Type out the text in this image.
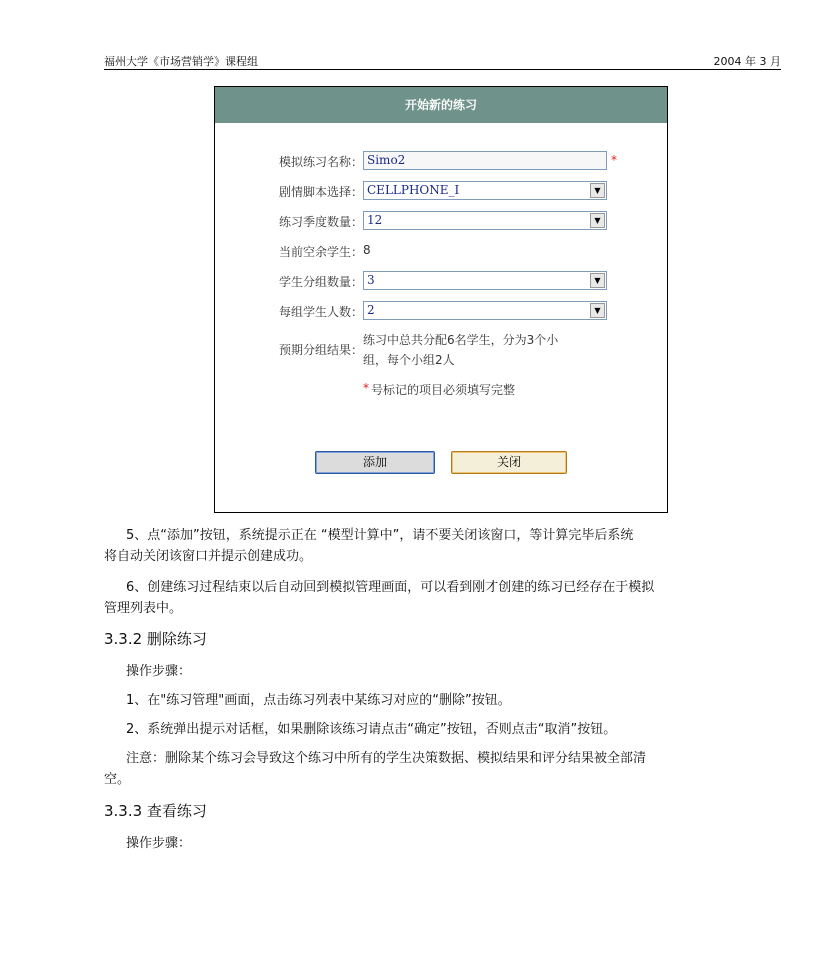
福州大学《市场营销学》课程组	2004 年 3 月
开始新的练习
模拟练习名称： Simo2	*
剧情脚本选择： CELLPHONE_I	▼
练习季度数量： 12	▼
当前空余学生： 8
学生分组数量： 3	▼
每组学生人数： 2	▼
预期分组结果：
练习中总共分配6名学生，分为3个小
组，每个小组2人
* 号标记的项目必须填写完整
添加	关闭
5、点“添加”按钮，系统提示正在 “模型计算中”，请不要关闭该窗口，等计算完毕后系统
将自动关闭该窗口并提示创建成功。
6、创建练习过程结束以后自动回到模拟管理画面，可以看到刚才创建的练习已经存在于模拟
管理列表中。
3.3.2 删除练习
操作步骤：
1、在"练习管理"画面，点击练习列表中某练习对应的“删除”按钮。
2、系统弹出提示对话框，如果删除该练习请点击“确定”按钮，否则点击“取消”按钮。
注意：删除某个练习会导致这个练习中所有的学生决策数据、模拟结果和评分结果被全部清
空。
3.3.3 查看练习
操作步骤：
